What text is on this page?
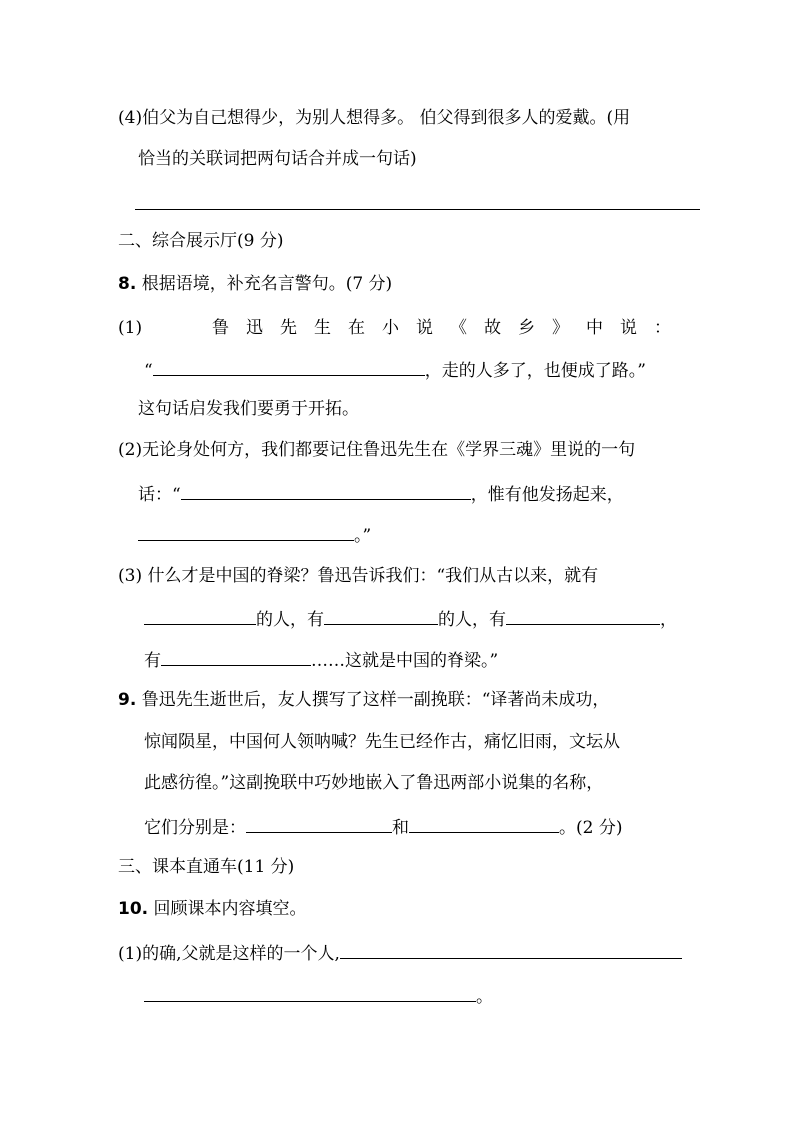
(4)伯父为自己想得少，为别人想得多。 伯父得到很多人的爱戴。(用
恰当的关联词把两句话合并成一句话)
二、综合展示厅(9 分)
8. 根据语境，补充名言警句。(7 分)
(1)	鲁迅先生在小说《故乡》中说：
“	，走的人多了，也便成了路。”
这句话启发我们要勇于开拓。
(2)无论身处何方，我们都要记住鲁迅先生在《学界三魂》里说的一句
话：“	，惟有他发扬起来，
。”
(3) 什么才是中国的脊梁？鲁迅告诉我们：“我们从古以来，就有
的人，有	的人，有	，
有	……这就是中国的脊梁。”
9. 鲁迅先生逝世后，友人撰写了这样一副挽联：“译著尚未成功，
惊闻陨星，中国何人领呐喊？先生已经作古，痛忆旧雨，文坛从
此感彷徨。”这副挽联中巧妙地嵌入了鲁迅两部小说集的名称，
它们分别是：	和	。(2 分)
三、课本直通车(11 分)
10. 回顾课本内容填空。
(1)的确,父就是这样的一个人,
。
